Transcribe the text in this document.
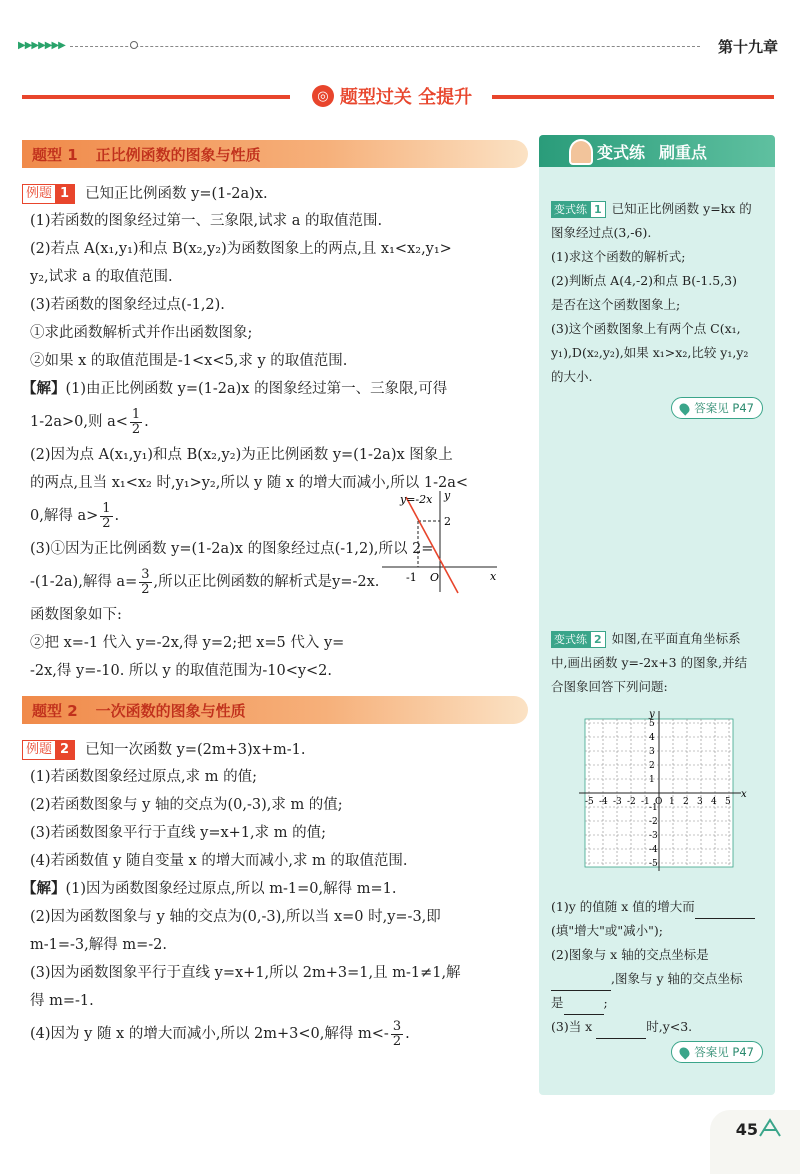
▶▶▶▶▶▶▶	第十九章
◎ 题型过关 全提升
题型 1 正比例函数的图象与性质
例题 1	已知正比例函数 y=(1-2a)x.
(1)若函数的图象经过第一、三象限,试求 a 的取值范围.
(2)若点 A(x₁,y₁)和点 B(x₂,y₂)为函数图象上的两点,且 x₁<x₂,y₁>
y₂,试求 a 的取值范围.
(3)若函数的图象经过点(-1,2).
①求此函数解析式并作出函数图象;
②如果 x 的取值范围是-1<x<5,求 y 的取值范围.
【解】(1)由正比例函数 y=(1-2a)x 的图象经过第一、三象限,可得
1-2a>0,则 $a< \frac{1}{2}$ .
(2)因为点 A(x₁,y₁)和点 B(x₂,y₂)为正比例函数 y=(1-2a)x 图象上
的两点,且当 x₁<x₂ 时,y₁>y₂,所以 y 随 x 的增大而减小,所以 1-2a<
0,解得 $a> \frac{1}{2}$ .
(3)①因为正比例函数 y=(1-2a)x 的图象经过点(-1,2),所以 2=
-(1-2a),解得 $a= \frac{3}{2}$ ,所以正比例函数的解析式是y=-2x.
函数图象如下:
②把 x=-1 代入 y=-2x,得 y=2;把 x=5 代入 y=
-2x,得 y=-10. 所以 y 的取值范围为-10<y<2.
题型 2 一次函数的图象与性质
例题 2	已知一次函数 y=(2m+3)x+m-1.
(1)若函数图象经过原点,求 m 的值;
(2)若函数图象与 y 轴的交点为(0,-3),求 m 的值;
(3)若函数图象平行于直线 y=x+1,求 m 的值;
(4)若函数值 y 随自变量 x 的增大而减小,求 m 的取值范围.
【解】(1)因为函数图象经过原点,所以 m-1=0,解得 m=1.
(2)因为函数图象与 y 轴的交点为(0,-3),所以当 x=0 时,y=-3,即
m-1=-3,解得 m=-2.
(3)因为函数图象平行于直线 y=x+1,所以 2m+3=1,且 m-1≠1,解
得 m=-1.
(4)因为 y 随 x 的增大而减小,所以 2m+3<0,解得 $m<- \frac{3}{2}$ .
y=-2x y
x
2
-1 O
变式练 刷重点
变式练 1 已知正比例函数 y=kx 的
图象经过点(3,-6).
(1)求这个函数的解析式;
(2)判断点 A(4,-2)和点 B(-1.5,3)
是否在这个函数图象上;
(3)这个函数图象上有两个点 C(x₁,
y₁),D(x₂,y₂),如果 x₁>x₂,比较 y₁,y₂
的大小.
答案见 P47
变式练 2 如图,在平面直角坐标系
中,画出函数 y=-2x+3 的图象,并结
合图象回答下列问题:
-5 -4 -3 -2 -1 O 1 2 3 4 5
5
4
3
2
1
-1
-2
-3
-4
-5
x
y
(1)y 的值随 x 值的增大而
(填"增大"或"减小");
(2)图象与 x 轴的交点坐标是
,图象与 y 轴的交点坐标
是	;
(3)当 x	时,y<3.
答案见 P47
45
